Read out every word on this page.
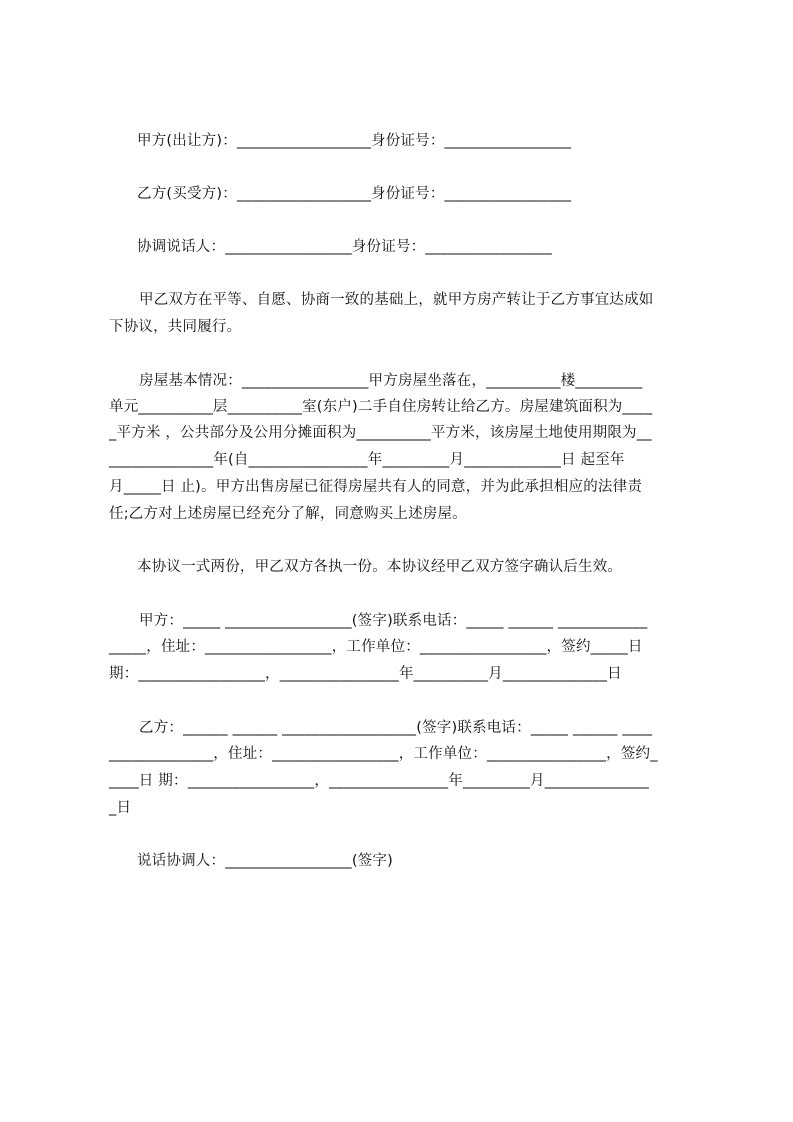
甲方(出让方)：__________________身份证号：_________________
乙方(买受方)：__________________身份证号：_________________
协调说话人：_________________身份证号：_________________
甲乙双方在平等、自愿、协商一致的基础上，就甲方房产转让于乙方事宜达成如
下协议，共同履行。
房屋基本情况：_________________甲方房屋坐落在，__________楼_________
单元__________层__________室(东户)二手自住房转让给乙方。房屋建筑面积为____
_平方米 ，公共部分及公用分摊面积为__________平方米，该房屋土地使用期限为__
______________年(自________________年_________月_____________日 起至年
月_____日 止)。甲方出售房屋已征得房屋共有人的同意，并为此承担相应的法律责
任;乙方对上述房屋已经充分了解，同意购买上述房屋。
本协议一式两份，甲乙双方各执一份。本协议经甲乙双方签字确认后生效。
甲方：_____ _________________(签字)联系电话：_____ ______ ____________
_____，住址：_________________，工作单位：_________________，签约_____日
期：_________________，________________年__________月______________日
乙方：______ ______ __________________(签字)联系电话：_____ ______ ____
______________，住址：_________________，工作单位：________________，签约_
____日 期：_________________，________________年_________月______________
_日
说话协调人：_________________(签字)
